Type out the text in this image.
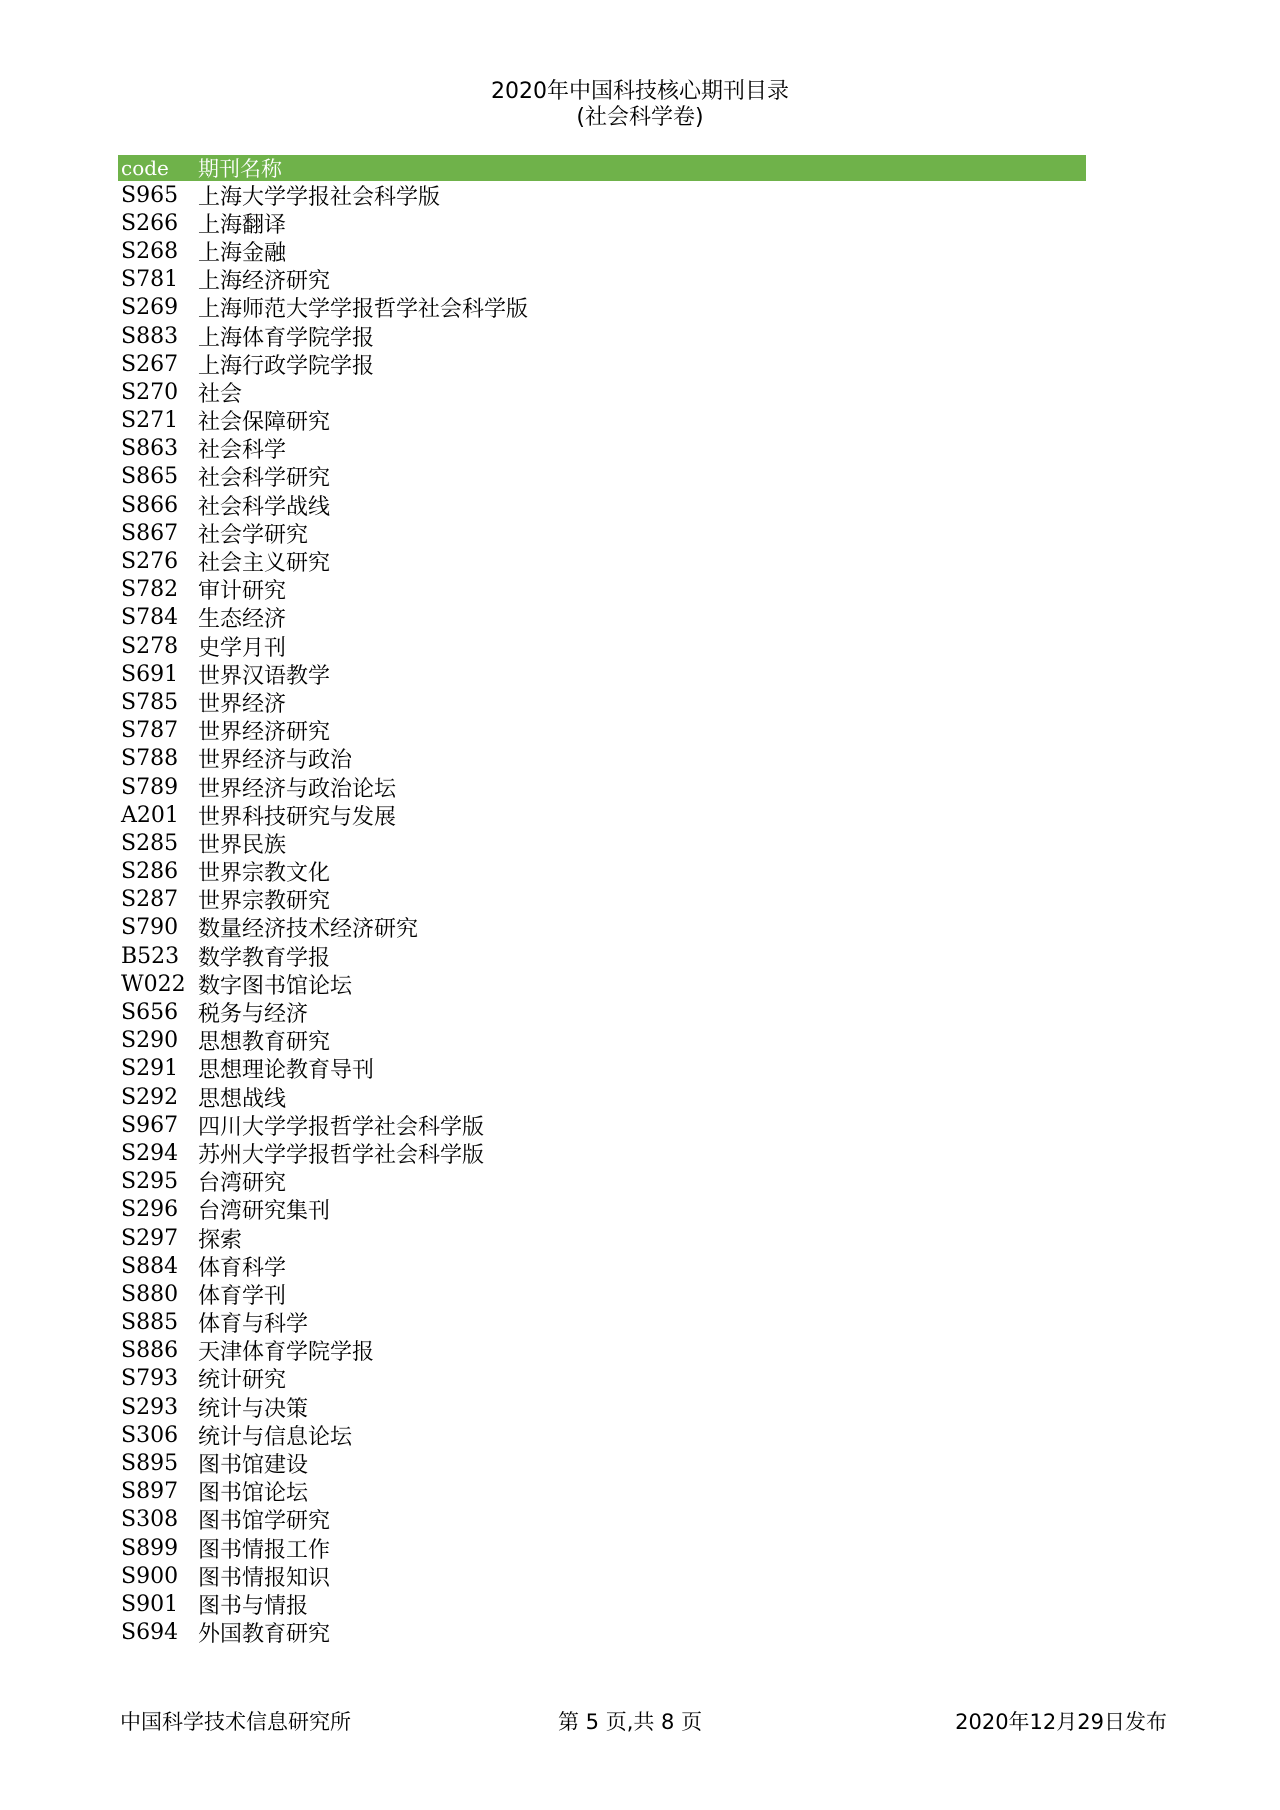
2020年中国科技核心期刊目录
(社会科学卷)
code	期刊名称
S965 上海大学学报社会科学版
S266 上海翻译
S268 上海金融
S781 上海经济研究
S269 上海师范大学学报哲学社会科学版
S883 上海体育学院学报
S267 上海行政学院学报
S270 社会
S271 社会保障研究
S863 社会科学
S865 社会科学研究
S866 社会科学战线
S867 社会学研究
S276 社会主义研究
S782 审计研究
S784 生态经济
S278 史学月刊
S691 世界汉语教学
S785 世界经济
S787 世界经济研究
S788 世界经济与政治
S789 世界经济与政治论坛
A201 世界科技研究与发展
S285 世界民族
S286 世界宗教文化
S287 世界宗教研究
S790 数量经济技术经济研究
B523 数学教育学报
W022 数字图书馆论坛
S656 税务与经济
S290 思想教育研究
S291 思想理论教育导刊
S292 思想战线
S967 四川大学学报哲学社会科学版
S294 苏州大学学报哲学社会科学版
S295 台湾研究
S296 台湾研究集刊
S297 探索
S884 体育科学
S880 体育学刊
S885 体育与科学
S886 天津体育学院学报
S793 统计研究
S293 统计与决策
S306 统计与信息论坛
S895 图书馆建设
S897 图书馆论坛
S308 图书馆学研究
S899 图书情报工作
S900 图书情报知识
S901 图书与情报
S694 外国教育研究
中国科学技术信息研究所	第 5 页,共 8 页	2020年12月29日发布
